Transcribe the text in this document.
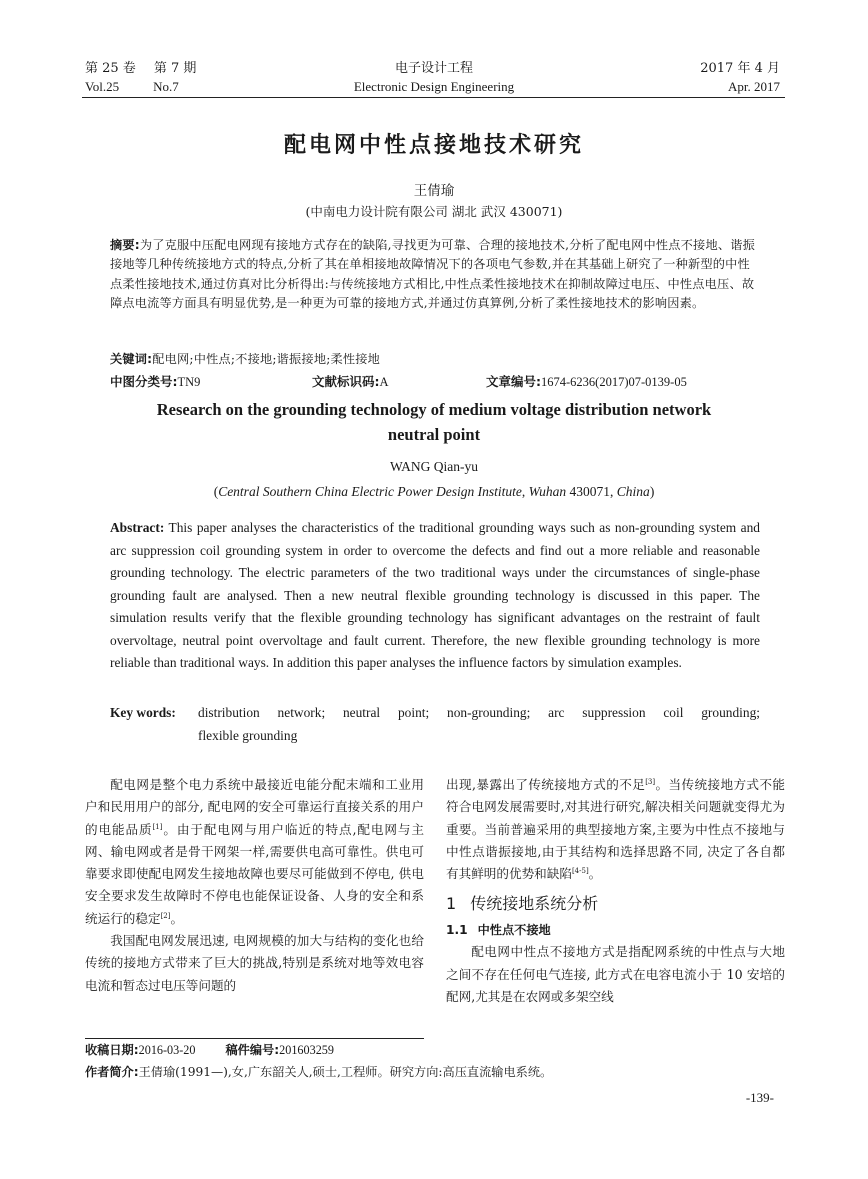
第 25 卷 第 7 期
Vol.25	No.7
电子设计工程
Electronic Design Engineering
2017 年 4 月
Apr. 2017
配电网中性点接地技术研究
王倩瑜
(中南电力设计院有限公司 湖北 武汉 430071)
摘要:为了克服中压配电网现有接地方式存在的缺陷,寻找更为可靠、合理的接地技术,分析了配电网中性点不接地、谐振接地等几种传统接地方式的特点,分析了其在单相接地故障情况下的各项电气参数,并在其基础上研究了一种新型的中性点柔性接地技术,通过仿真对比分析得出:与传统接地方式相比,中性点柔性接地技术在抑制故障过电压、中性点电压、故障点电流等方面具有明显优势,是一种更为可靠的接地方式,并通过仿真算例,分析了柔性接地技术的影响因素。
关键词:配电网;中性点;不接地;谐振接地;柔性接地
中图分类号:TN9	文献标识码:A	文章编号:1674-6236(2017)07-0139-05
Research on the grounding technology of medium voltage distribution network
neutral point
WANG Qian-yu
(Central Southern China Electric Power Design Institute, Wuhan 430071, China)
Abstract: This paper analyses the characteristics of the traditional grounding ways such as non-grounding system and arc suppression coil grounding system in order to overcome the defects and find out a more reliable and reasonable grounding technology. The electric parameters of the two traditional ways under the circumstances of single-phase grounding fault are analysed. Then a new neutral flexible grounding technology is discussed in this paper. The simulation results verify that the flexible grounding technology has significant advantages on the restraint of fault overvoltage, neutral point overvoltage and fault current. Therefore, the new flexible grounding technology is more reliable than traditional ways. In addition this paper analyses the influence factors by simulation examples.
Key words:	distribution network; neutral point; non-grounding; arc suppression coil grounding;
flexible grounding

配电网是整个电力系统中最接近电能分配末端和工业用户和民用用户的部分, 配电网的安全可靠运行直接关系的用户的电能品质[1]。由于配电网与用户临近的特点,配电网与主网、输电网或者是骨干网架一样,需要供电高可靠性。供电可靠要求即使配电网发生接地故障也要尽可能做到不停电, 供电安全要求发生故障时不停电也能保证设备、人身的安全和系统运行的稳定[2]。

我国配电网发展迅速, 电网规模的加大与结构的变化也给传统的接地方式带来了巨大的挑战,特别是系统对地等效电容电流和暂态过电压等问题的

收稿日期:2016-03-20 稿件编号:201603259
作者简介:王倩瑜(1991—),女,广东韶关人,硕士,工程师。研究方向:高压直流输电系统。

出现,暴露出了传统接地方式的不足[3]。当传统接地方式不能符合电网发展需要时,对其进行研究,解决相关问题就变得尤为重要。当前普遍采用的典型接地方案,主要为中性点不接地与中性点谐振接地,由于其结构和选择思路不同, 决定了各自都有其鲜明的优势和缺陷[4-5]。

1 传统接地系统分析
1.1 中性点不接地

配电网中性点不接地方式是指配网系统的中性点与大地之间不存在任何电气连接, 此方式在电容电流小于 10 安培的配网,尤其是在农网或多架空线

-139-
